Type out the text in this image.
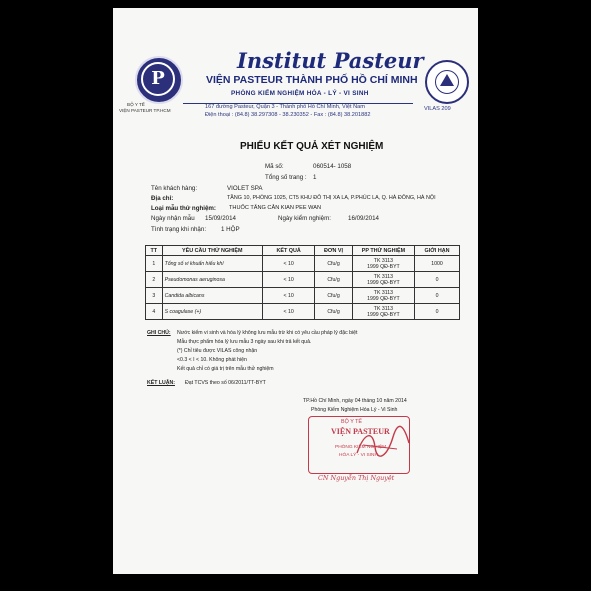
P
BỘ Y TẾ
VIỆN PASTEUR TP.HCM
Institut Pasteur
VIỆN PASTEUR THÀNH PHỐ HỒ CHÍ MINH
PHÒNG KIỂM NGHIỆM HÓA - LÝ - VI SINH
167 đường Pasteur, Quận 3 - Thành phố Hồ Chí Minh, Việt Nam
Điện thoại : (84.8) 38.297308 - 38.230352 - Fax : (84.8) 38.201882
VILAS 209
PHIẾU KẾT QUẢ XÉT NGHIỆM
Mã số:	060514- 1058
Tổng số trang : 1
Tên khách hàng:	VIOLET SPA
Địa chỉ:	TẦNG 10, PHÒNG 1025, CT5 KHU ĐÔ THỊ XA LA, P.PHÚC LA, Q. HÀ ĐÔNG, HÀ NỘI
Loại mẫu thử nghiệm: THUỐC TĂNG CÂN KIAN PEE WAN
Ngày nhận mẫu 15/09/2014	Ngày kiểm nghiệm:	16/09/2014
Tình trạng khi nhận: 1 HỘP
TT	YÊU CẦU THỬ NGHIỆM	KẾT QUẢ	ĐƠN VỊ	PP THỬ NGHIỆM	GIỚI HẠN
1	Tổng số vi khuẩn hiếu khí	< 10	Cfu/g	TK 3113
1999 QĐ-BYT	1000
2	Pseudomonas aeruginosa	< 10	Cfu/g	TK 3113
1999 QĐ-BYT	0
3	Candida albicans	< 10	Cfu/g	TK 3113
1999 QĐ-BYT	0
4	S coagulase (+)	< 10	Cfu/g	TK 3113
1999 QĐ-BYT	0
GHI CHÚ: Nước kiểm vi sinh và hóa lý không lưu mẫu trừ khi có yêu cầu pháp lý đặc biệt
Mẫu thực phẩm hóa lý lưu mẫu 3 ngày sau khi trả kết quả.
(*) Chỉ tiêu được VILAS công nhận
<0.3 < I < 10. Không phát hiện
Kết quả chỉ có giá trị trên mẫu thử nghiệm
KẾT LUẬN: Đạt TCVS theo số 06/2011/TT-BYT
TP.Hồ Chí Minh, ngày 04 tháng 10 năm 2014
Phòng Kiểm Nghiệm Hóa Lý - Vi Sinh
BỘ Y TẾ
VIỆN PASTEUR
PHÒNG KIỂM NGHIỆM
HÓA LÝ - VI SINH
CN Nguyễn Thị Nguyệt
